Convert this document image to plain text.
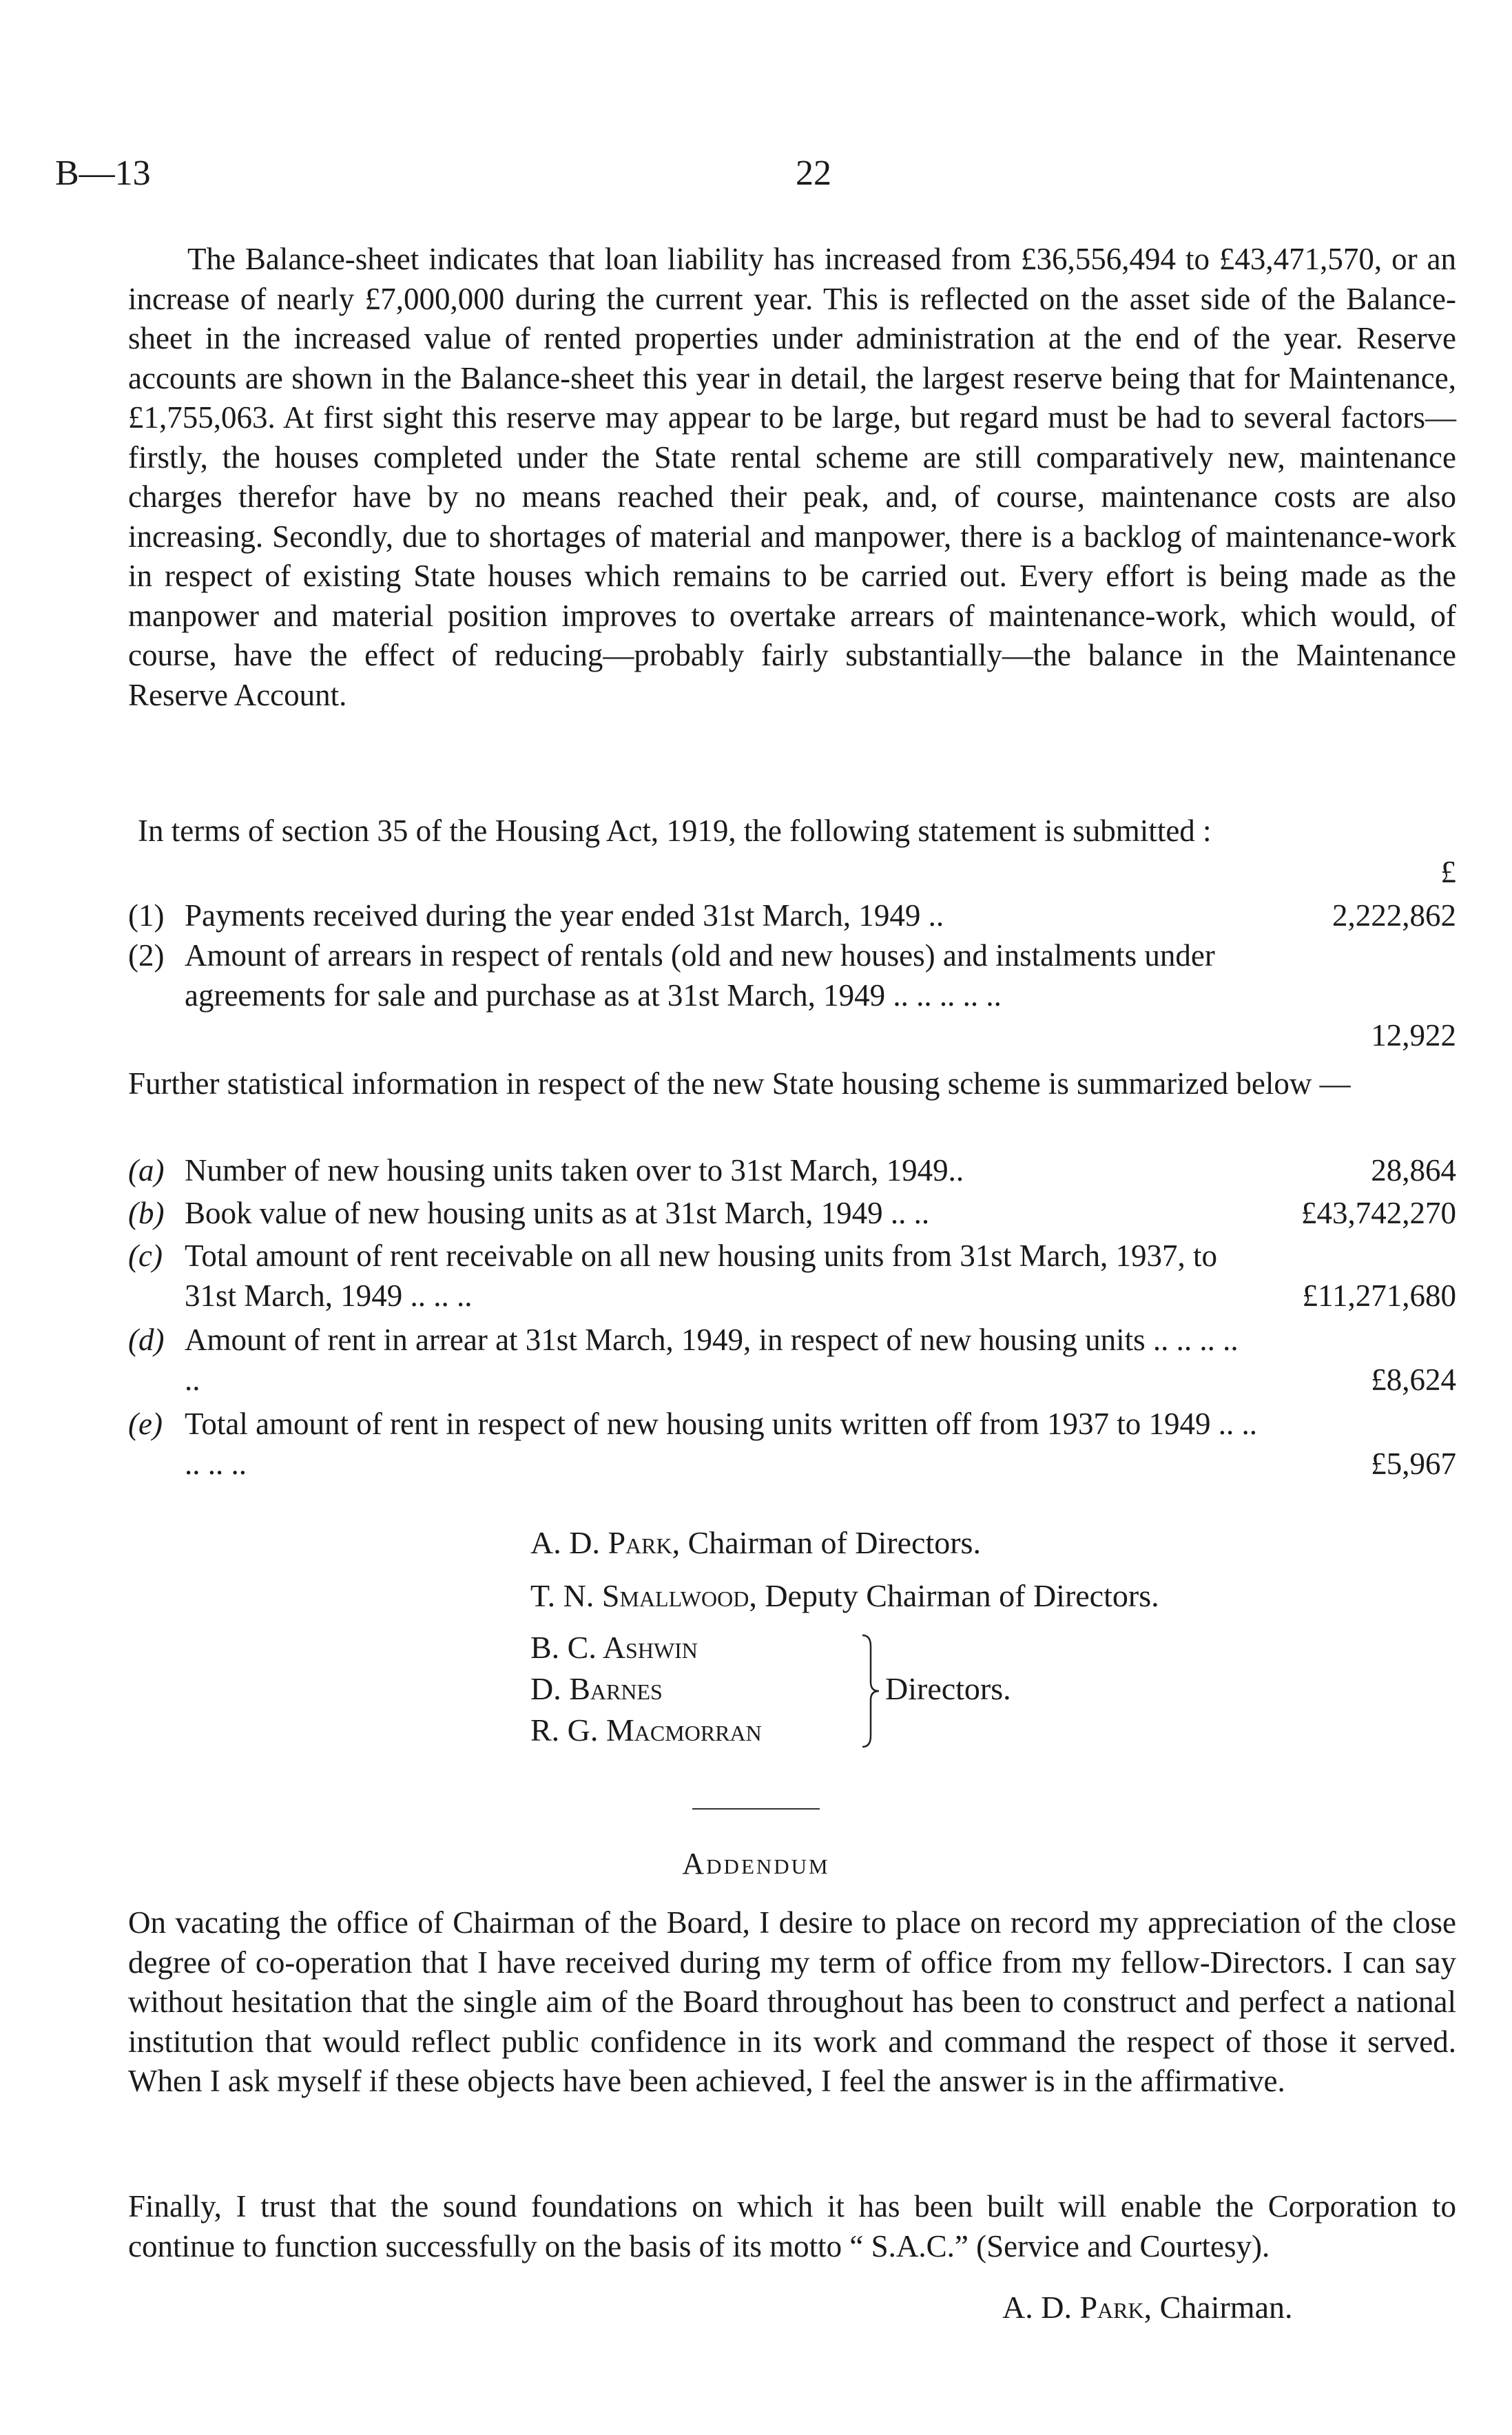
B—13	22

The Balance-sheet indicates that loan liability has increased from £36,556,494 to £43,471,570, or an increase of nearly £7,000,000 during the current year. This is reflected on the asset side of the Balance-sheet in the increased value of rented properties under administration at the end of the year. Reserve accounts are shown in the Balance-sheet this year in detail, the largest reserve being that for Maintenance, £1,755,063. At first sight this reserve may appear to be large, but regard must be had to several factors—firstly, the houses completed under the State rental scheme are still comparatively new, maintenance charges therefor have by no means reached their peak, and, of course, maintenance costs are also increasing. Secondly, due to shortages of material and manpower, there is a backlog of maintenance-work in respect of existing State houses which remains to be carried out. Every effort is being made as the manpower and material position improves to overtake arrears of maintenance-work, which would, of course, have the effect of reducing—probably fairly substantially—the balance in the Maintenance Reserve Account.

In terms of section 35 of the Housing Act, 1919, the following statement is submitted :

£
(1) Payments received during the year ended 31st March, 1949 ..	2,222,862
(2) Amount of arrears in respect of rentals (old and new houses) and instalments under agreements for sale and purchase as at 31st March, 1949 .. .. .. .. ..
12,922

Further statistical information in respect of the new State housing scheme is summarized below —

(a) Number of new housing units taken over to 31st March, 1949..	28,864
(b) Book value of new housing units as at 31st March, 1949 .. ..	£43,742,270
(c) Total amount of rent receivable on all new housing units from 31st March, 1937, to 31st March, 1949 .. .. ..	£11,271,680
(d) Amount of rent in arrear at 31st March, 1949, in respect of new housing units .. .. .. .. ..	£8,624
(e) Total amount of rent in respect of new housing units written off from 1937 to 1949 .. .. .. .. ..	£5,967
A. D. Park, Chairman of Directors.
T. N. Smallwood, Deputy Chairman of Directors.
B. C. Ashwin
D. Barnes
R. G. Macmorran
Directors.
Addendum

On vacating the office of Chairman of the Board, I desire to place on record my appreciation of the close degree of co-operation that I have received during my term of office from my fellow-Directors. I can say without hesitation that the single aim of the Board throughout has been to construct and perfect a national institution that would reflect public confidence in its work and command the respect of those it served. When I ask myself if these objects have been achieved, I feel the answer is in the affirmative.

Finally, I trust that the sound foundations on which it has been built will enable the Corporation to continue to function successfully on the basis of its motto “ S.A.C.” (Service and Courtesy).

A. D. Park, Chairman.
